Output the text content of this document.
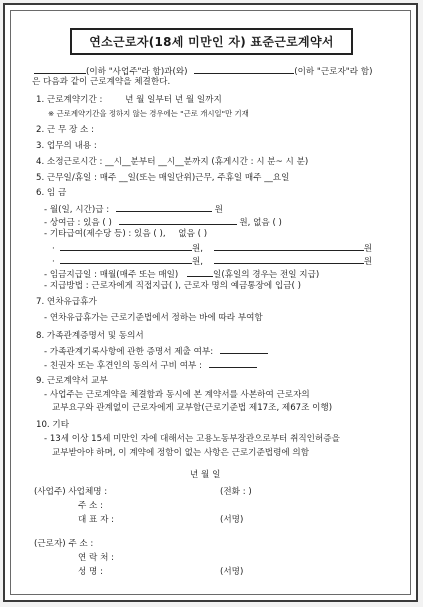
연소근로자(18세 미만인 자) 표준근로계약서
(이하 "사업주"라 함)과(와)	(이하 "근로자"라 함)
은 다음과 같이 근로계약을 체결한다.
1. 근로계약기간 :	년 월 일부터 년 월 일까지
※ 근로계약기간을 정하지 않는 경우에는 "근로 개시일"만 기재
2. 근 무 장 소 :
3. 업무의 내용 :
4. 소정근로시간 : __시__분부터 __시__분까지 (휴게시간 : 시 분~ 시 분)
5. 근무일/휴일 : 매주 __일(또는 매일단위)근무, 주휴일 매주 __요일
6. 임 금
- 월(일, 시간)급 :	원
- 상여금 : 있음 ( )	원, 없음 ( )
- 기타급여(제수당 등) : 있음 ( ), 없음 ( )
·	원,	원
·	원,	원
- 임금지급일 : 매월(매주 또는 매일)	일(휴일의 경우는 전일 지급)
- 지급방법 : 근로자에게 직접지급( ), 근로자 명의 예금통장에 입금( )
7. 연차유급휴가
- 연차유급휴가는 근로기준법에서 정하는 바에 따라 부여함
8. 가족관계증명서 및 동의서
- 가족관계기록사항에 관한 증명서 제출 여부:
- 친권자 또는 후견인의 동의서 구비 여부 :
9. 근로계약서 교부
- 사업주는 근로계약을 체결함과 동시에 본 계약서를 사본하여 근로자의
교부요구와 관계없이 근로자에게 교부함(근로기준법 제17조, 제67조 이행)
10. 기타
- 13세 이상 15세 미만인 자에 대해서는 고용노동부장관으로부터 취직인허증을
교부받아야 하며, 이 계약에 정함이 없는 사항은 근로기준법령에 의함
년 월 일
(사업주) 사업체명 :	(전화 : )
주 소 :
대 표 자 :	(서명)
(근로자) 주 소 :
연 락 처 :
성 명 :	(서명)
